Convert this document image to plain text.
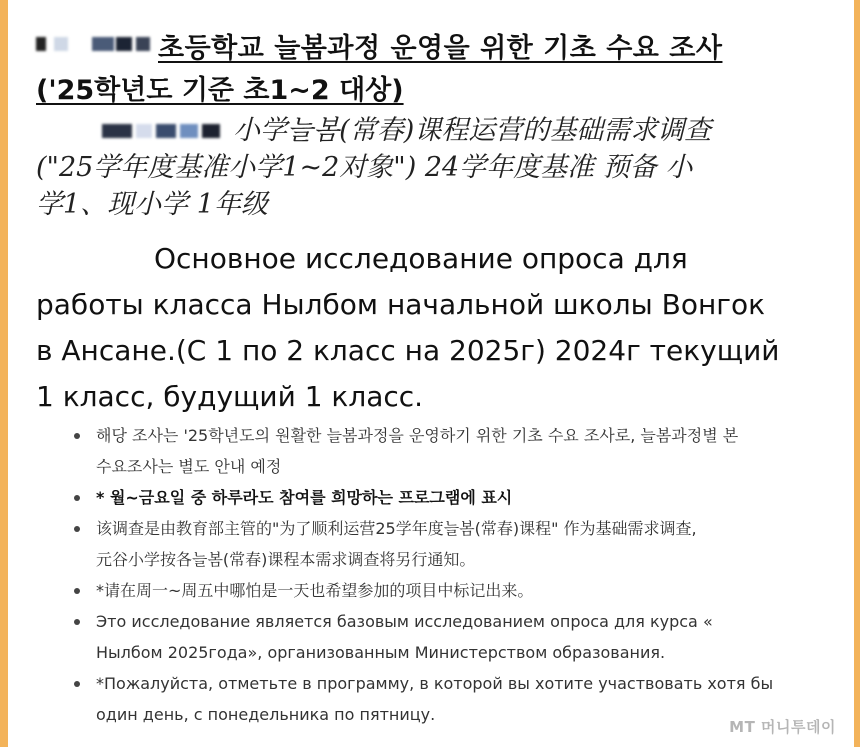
초등학교 늘봄과정 운영을 위한 기초 수요 조사
('25학년도 기준 초1~2 대상)
小学늘봄(常春)课程运营的基础需求调查
("25学年度基准小学1~2对象") 24学年度基准 预备 小
学1、现小学 1年级
Основное исследование опроса для
работы класса Нылбом начальной школы Вонгок
в Ансане.(С 1 по 2 класс на 2025г) 2024г текущий
1 класс, будущий 1 класс.
해당 조사는 '25학년도의 원활한 늘봄과정을 운영하기 위한 기초 수요 조사로, 늘봄과정별 본
수요조사는 별도 안내 예정
* 월~금요일 중 하루라도 참여를 희망하는 프로그램에 표시
该调查是由教育部主管的"为了顺利运营25学年度늘봄(常春)课程" 作为基础需求调查,
元谷小学按各늘봄(常春)课程本需求调查将另行通知。
*请在周一~周五中哪怕是一天也希望参加的项目中标记出来。
Это исследование является базовым исследованием опроса для курса «
Нылбом 2025года», организованным Министерством образования.
*Пожалуйста, отметьте в программу, в которой вы хотите участвовать хотя бы
один день, с понедельника по пятницу.
MT 머니투데이
